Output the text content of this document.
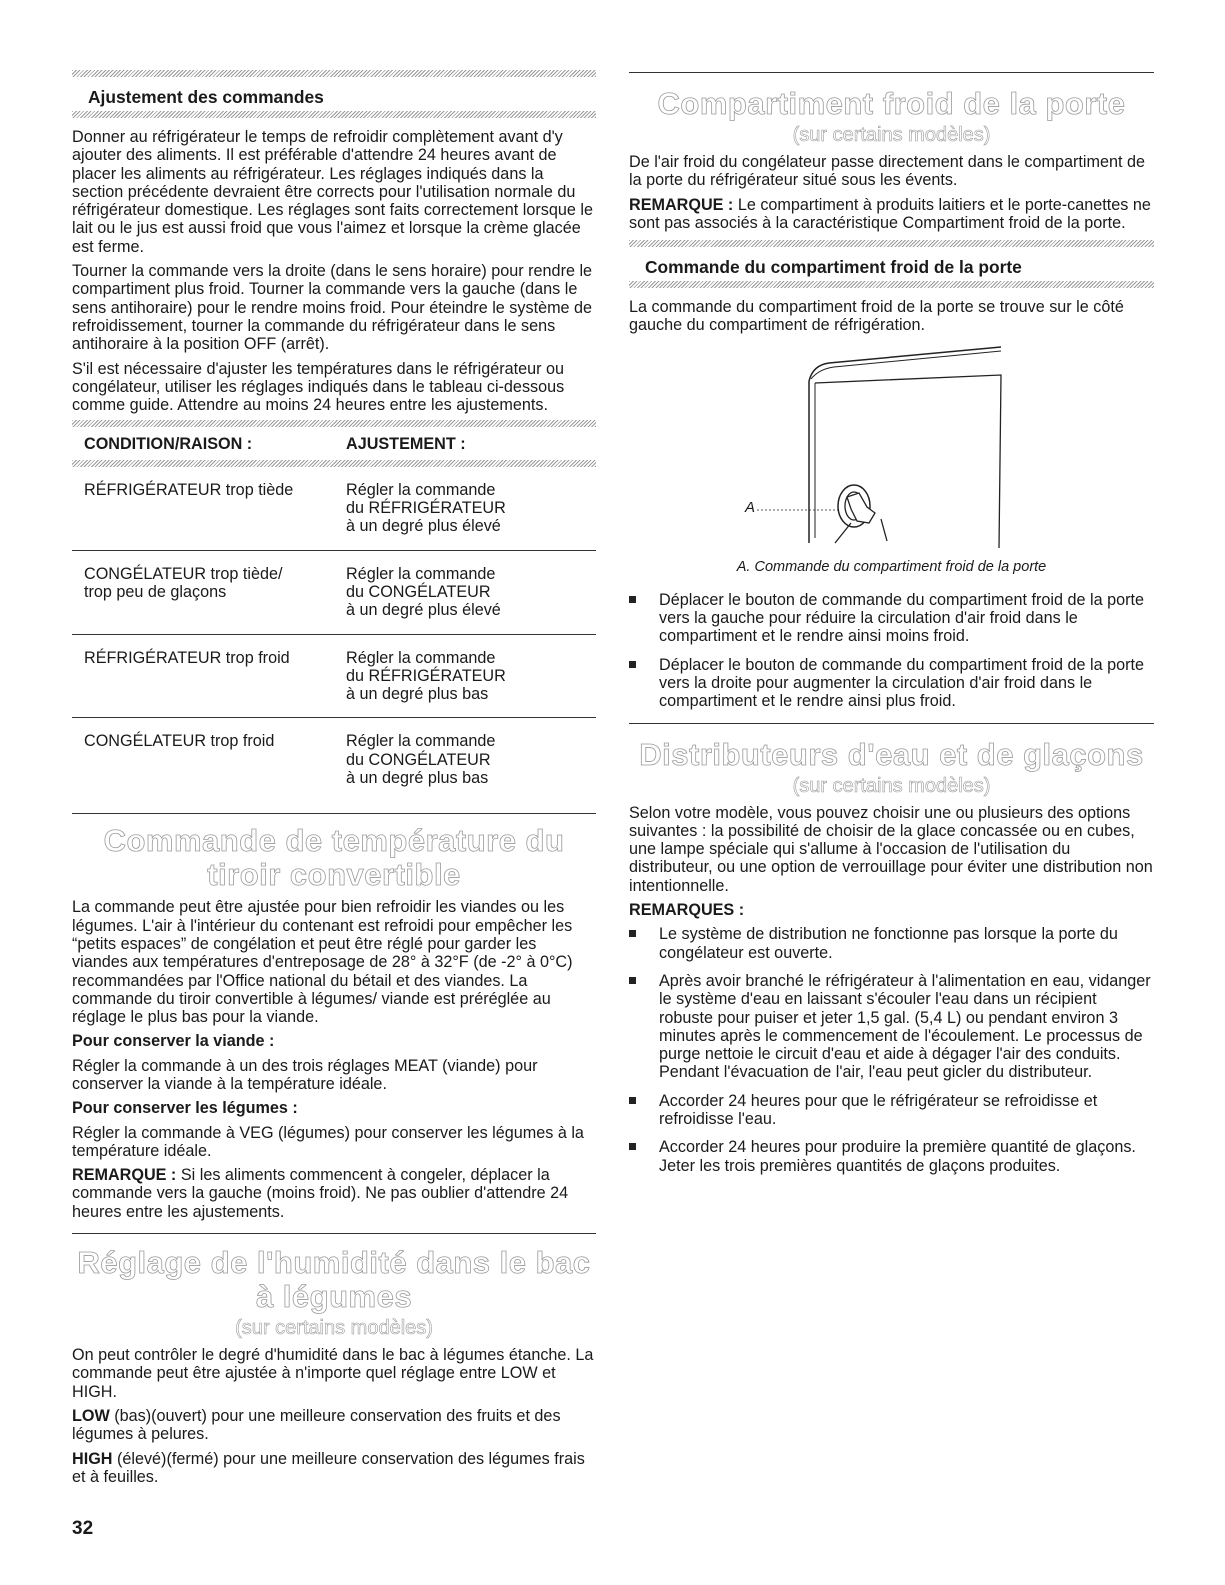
Ajustement des commandes

Donner au réfrigérateur le temps de refroidir complètement avant d'y ajouter des aliments. Il est préférable d'attendre 24 heures avant de placer les aliments au réfrigérateur. Les réglages indiqués dans la section précédente devraient être corrects pour l'utilisation normale du réfrigérateur domestique. Les réglages sont faits correctement lorsque le lait ou le jus est aussi froid que vous l'aimez et lorsque la crème glacée est ferme.

Tourner la commande vers la droite (dans le sens horaire) pour rendre le compartiment plus froid. Tourner la commande vers la gauche (dans le sens antihoraire) pour le rendre moins froid. Pour éteindre le système de refroidissement, tourner la commande du réfrigérateur dans le sens antihoraire à la position OFF (arrêt).

S'il est nécessaire d'ajuster les températures dans le réfrigérateur ou congélateur, utiliser les réglages indiqués dans le tableau ci-dessous comme guide. Attendre au moins 24 heures entre les ajustements.

CONDITION/RAISON :	AJUSTEMENT :

RÉFRIGÉRATEUR trop tiède	Régler la commande
du RÉFRIGÉRATEUR
à un degré plus élevé
CONGÉLATEUR trop tiède/
trop peu de glaçons	Régler la commande
du CONGÉLATEUR
à un degré plus élevé
RÉFRIGÉRATEUR trop froid	Régler la commande
du RÉFRIGÉRATEUR
à un degré plus bas
CONGÉLATEUR trop froid	Régler la commande
du CONGÉLATEUR
à un degré plus bas
Commande de température du tiroir convertible

La commande peut être ajustée pour bien refroidir les viandes ou les légumes. L'air à l'intérieur du contenant est refroidi pour empêcher les “petits espaces” de congélation et peut être réglé pour garder les viandes aux températures d'entreposage de 28° à 32°F (de -2° à 0°C) recommandées par l'Office national du bétail et des viandes. La commande du tiroir convertible à légumes/ viande est préréglée au réglage le plus bas pour la viande.

Pour conserver la viande :

Régler la commande à un des trois réglages MEAT (viande) pour conserver la viande à la température idéale.

Pour conserver les légumes :

Régler la commande à VEG (légumes) pour conserver les légumes à la température idéale.

REMARQUE : Si les aliments commencent à congeler, déplacer la commande vers la gauche (moins froid). Ne pas oublier d'attendre 24 heures entre les ajustements.

Réglage de l'humidité dans le bac à légumes
(sur certains modèles)

On peut contrôler le degré d'humidité dans le bac à légumes étanche. La commande peut être ajustée à n'importe quel réglage entre LOW et HIGH.

LOW (bas)(ouvert) pour une meilleure conservation des fruits et des légumes à pelures.

HIGH (élevé)(fermé) pour une meilleure conservation des légumes frais et à feuilles.

Compartiment froid de la porte
(sur certains modèles)

De l'air froid du congélateur passe directement dans le compartiment de la porte du réfrigérateur situé sous les évents.

REMARQUE : Le compartiment à produits laitiers et le porte-canettes ne sont pas associés à la caractéristique Compartiment froid de la porte.

Commande du compartiment froid de la porte

La commande du compartiment froid de la porte se trouve sur le côté gauche du compartiment de réfrigération.

A
A. Commande du compartiment froid de la porte
Déplacer le bouton de commande du compartiment froid de la porte vers la gauche pour réduire la circulation d'air froid dans le compartiment et le rendre ainsi moins froid.
Déplacer le bouton de commande du compartiment froid de la porte vers la droite pour augmenter la circulation d'air froid dans le compartiment et le rendre ainsi plus froid.
Distributeurs d'eau et de glaçons
(sur certains modèles)

Selon votre modèle, vous pouvez choisir une ou plusieurs des options suivantes : la possibilité de choisir de la glace concassée ou en cubes, une lampe spéciale qui s'allume à l'occasion de l'utilisation du distributeur, ou une option de verrouillage pour éviter une distribution non intentionnelle.

REMARQUES :

Le système de distribution ne fonctionne pas lorsque la porte du congélateur est ouverte.
Après avoir branché le réfrigérateur à l'alimentation en eau, vidanger le système d'eau en laissant s'écouler l'eau dans un récipient robuste pour puiser et jeter 1,5 gal. (5,4 L) ou pendant environ 3 minutes après le commencement de l'écoulement. Le processus de purge nettoie le circuit d'eau et aide à dégager l'air des conduits. Pendant l'évacuation de l'air, l'eau peut gicler du distributeur.
Accorder 24 heures pour que le réfrigérateur se refroidisse et refroidisse l'eau.
Accorder 24 heures pour produire la première quantité de glaçons. Jeter les trois premières quantités de glaçons produites.
32
